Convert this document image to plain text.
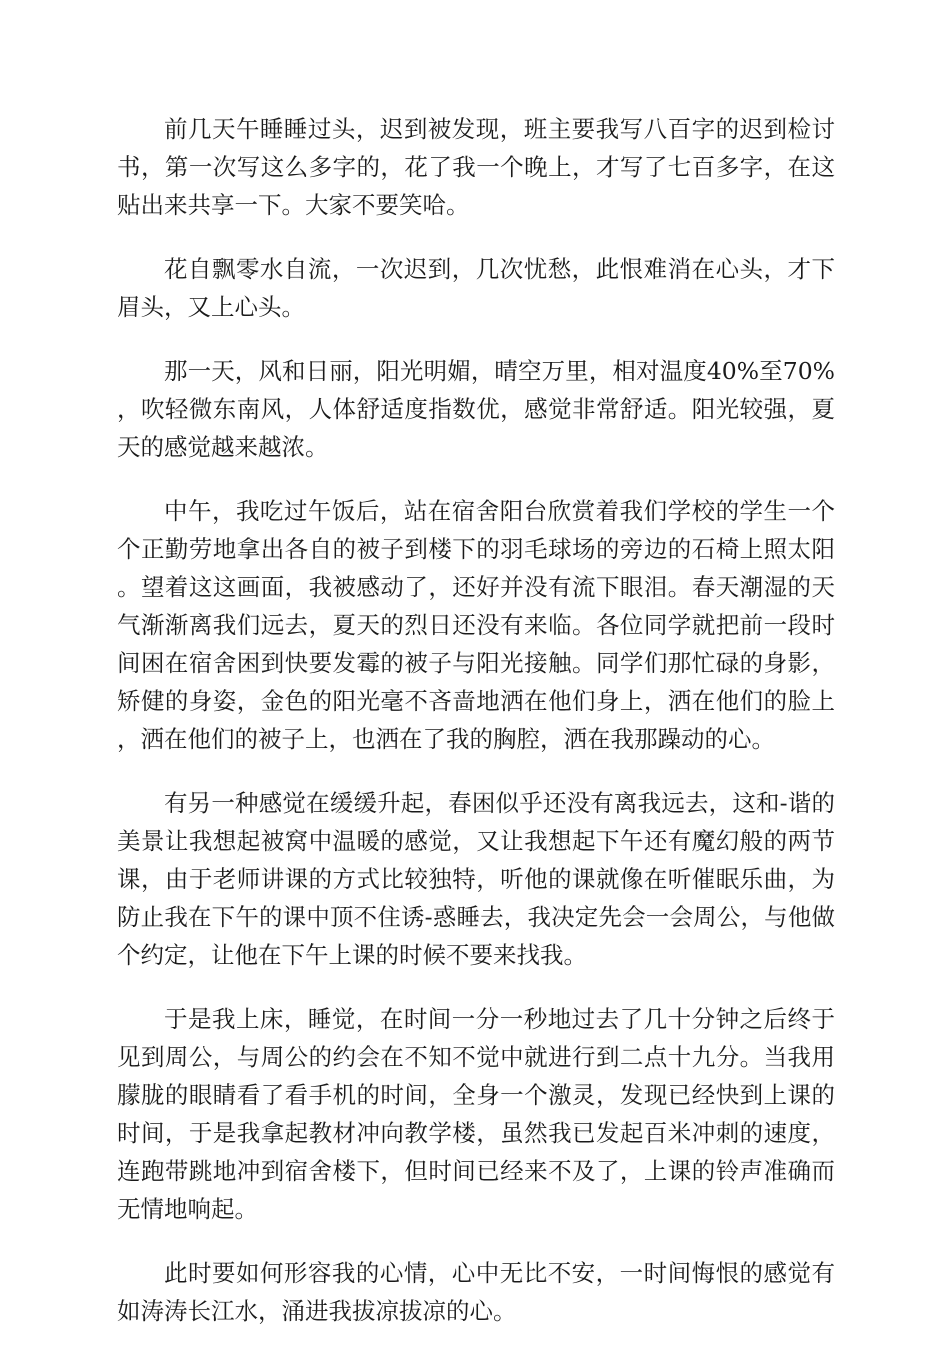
前几天午睡睡过头，迟到被发现，班主要我写八百字的迟到检讨书，第一次写这么多字的，花了我一个晚上，才写了七百多字，在这贴出来共享一下。大家不要笑哈。

花自飘零水自流，一次迟到，几次忧愁，此恨难消在心头，才下眉头，又上心头。

那一天，风和日丽，阳光明媚，晴空万里，相对温度40%至70%，吹轻微东南风，人体舒适度指数优，感觉非常舒适。阳光较强，夏天的感觉越来越浓。

中午，我吃过午饭后，站在宿舍阳台欣赏着我们学校的学生一个个正勤劳地拿出各自的被子到楼下的羽毛球场的旁边的石椅上照太阳。望着这这画面，我被感动了，还好并没有流下眼泪。春天潮湿的天气渐渐离我们远去，夏天的烈日还没有来临。各位同学就把前一段时间困在宿舍困到快要发霉的被子与阳光接触。同学们那忙碌的身影，矫健的身姿，金色的阳光毫不吝啬地洒在他们身上，洒在他们的脸上，洒在他们的被子上，也洒在了我的胸腔，洒在我那躁动的心。

有另一种感觉在缓缓升起，春困似乎还没有离我远去，这和-谐的美景让我想起被窝中温暖的感觉，又让我想起下午还有魔幻般的两节课，由于老师讲课的方式比较独特，听他的课就像在听催眠乐曲，为防止我在下午的课中顶不住诱-惑睡去，我决定先会一会周公，与他做个约定，让他在下午上课的时候不要来找我。

于是我上床，睡觉，在时间一分一秒地过去了几十分钟之后终于见到周公，与周公的约会在不知不觉中就进行到二点十九分。当我用朦胧的眼睛看了看手机的时间，全身一个激灵，发现已经快到上课的时间，于是我拿起教材冲向教学楼，虽然我已发起百米冲刺的速度，连跑带跳地冲到宿舍楼下，但时间已经来不及了，上课的铃声准确而无情地响起。

此时要如何形容我的心情，心中无比不安，一时间悔恨的感觉有如涛涛长江水，涌进我拔凉拔凉的心。
